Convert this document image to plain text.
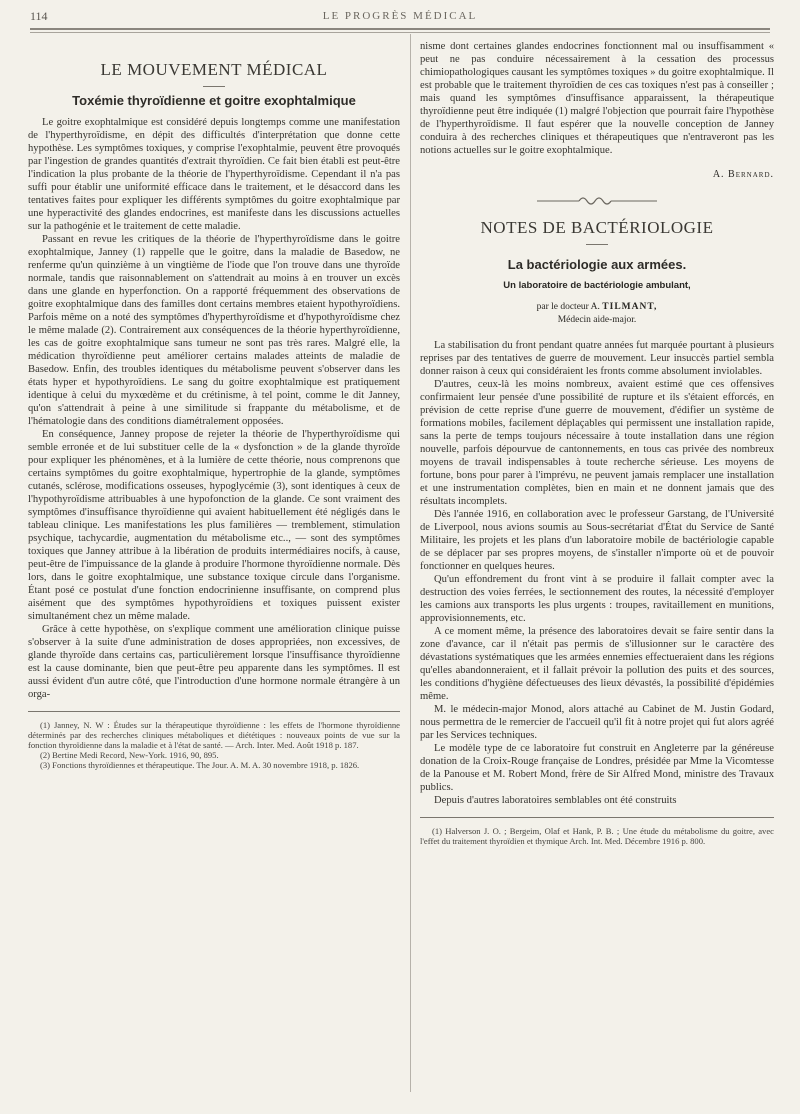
114	LE PROGRÈS MÉDICAL
LE MOUVEMENT MÉDICAL
Toxémie thyroïdienne et goitre exophtalmique

Le goitre exophtalmique est considéré depuis longtemps comme une manifestation de l'hyperthyroïdisme, en dépit des difficultés d'interprétation que donne cette hypothèse. Les symptômes toxiques, y comprise l'exophtalmie, peuvent être provoqués par l'ingestion de grandes quantités d'extrait thyroïdien. Ce fait bien établi est peut-être l'indication la plus probante de la théorie de l'hyperthyroïdisme. Cependant il n'a pas suffi pour établir une uniformité efficace dans le traitement, et le désaccord dans les tentatives faites pour expliquer les différents symptômes du goitre exophtalmique par une hyperactivité des glandes endocrines, est manifeste dans les discussions actuelles sur la pathogénie et le traitement de cette maladie.

Passant en revue les critiques de la théorie de l'hyperthyroïdisme dans le goitre exophtalmique, Janney (1) rappelle que le goitre, dans la maladie de Basedow, ne renferme qu'un quinzième à un vingtième de l'iode que l'on trouve dans une thyroïde normale, tandis que raisonnablement on s'attendrait au moins à en trouver un excès dans une glande en hyperfonction. On a rapporté fréquemment des observations de goitre exophtalmique dans des familles dont certains membres etaient hypothyroïdiens. Parfois même on a noté des symptômes d'hyperthyroïdisme et d'hypothyroïdisme chez le même malade (2). Contrairement aux conséquences de la théorie hyperthyroïdienne, les cas de goitre exophtalmique sans tumeur ne sont pas très rares. Malgré elle, la médication thyroïdienne peut améliorer certains malades atteints de maladie de Basedow. Enfin, des troubles identiques du métabolisme peuvent s'observer dans les états hyper et hypothyroïdiens. Le sang du goitre exophtalmique est pratiquement identique à celui du myxœdème et du crétinisme, à tel point, comme le dit Janney, qu'on s'attendrait à peine à une similitude si frappante du métabolisme, et de l'hématologie dans des conditions diamétralement opposées.

En conséquence, Janney propose de rejeter la théorie de l'hyperthyroïdisme qui semble erronée et de lui substituer celle de la « dysfonction » de la glande thyroïde pour expliquer les phénomènes, et à la lumière de cette théorie, nous comprenons que certains symptômes du goitre exophtalmique, hypertrophie de la glande, symptômes cutanés, sclérose, modifications osseuses, hypoglycémie (3), sont identiques à ceux de l'hypothyroïdisme attribuables à une hypofonction de la glande. Ce sont vraiment des symptômes d'insuffisance thyroïdienne qui avaient habituellement été négligés dans le tableau clinique. Les manifestations les plus familières — tremblement, stimulation psychique, tachycardie, augmentation du métabolisme etc.., — sont des symptômes toxiques que Janney attribue à la libération de produits intermédiaires nocifs, à cause, peut-être de l'impuissance de la glande à produire l'hormone thyroïdienne normale. Dès lors, dans le goitre exophtalmique, une substance toxique circule dans l'organisme. Étant posé ce postulat d'une fonction endocrinienne insuffisante, on comprend plus aisément que des symptômes hypothyroïdiens et toxiques puissent exister simultanément chez un même malade.

Grâce à cette hypothèse, on s'explique comment une amélioration clinique puisse s'observer à la suite d'une administration de doses appropriées, non excessives, de glande thyroïde dans certains cas, particulièrement lorsque l'insuffisance thyroïdienne est la cause dominante, bien que peut-être peu apparente dans les symptômes. Il est aussi évident d'un autre côté, que l'introduction d'une hormone normale étrangère à un orga-

(1) Janney, N. W : Études sur la thérapeutique thyroïdienne : les effets de l'hormone thyroïdienne déterminés par des recherches cliniques métaboliques et diététiques : nouveaux points de vue sur la fonction thyroïdienne dans la maladie et à l'état de santé. — Arch. Inter. Med. Août 1918 p. 187.

(2) Bertine Medi Record, New-York. 1916, 90, 895.

(3) Fonctions thyroïdiennes et thérapeutique. The Jour. A. M. A. 30 novembre 1918, p. 1826.

nisme dont certaines glandes endocrines fonctionnent mal ou insuffisamment « peut ne pas conduire nécessairement à la cessation des processus chimiopathologiques causant les symptômes toxiques » du goitre exophtalmique. Il est probable que le traitement thyroïdien de ces cas toxiques n'est pas à conseiller ; mais quand les symptômes d'insuffisance apparaissent, la thérapeutique thyroïdienne peut être indiquée (1) malgré l'objection que pourrait faire l'hypothèse de l'hyperthyroïdisme. Il faut espérer que la nouvelle conception de Janney conduira à des recherches cliniques et thérapeutiques que n'entraveront pas les notions actuelles sur le goitre exophtalmique.

A. Bernard.
NOTES DE BACTÉRIOLOGIE
La bactériologie aux armées.
Un laboratoire de bactériologie ambulant,
par le docteur A. TILMANT,
Médecin aide-major.

La stabilisation du front pendant quatre années fut marquée pourtant à plusieurs reprises par des tentatives de guerre de mouvement. Leur insuccès partiel sembla donner raison à ceux qui considéraient les fronts comme absolument inviolables.

D'autres, ceux-là les moins nombreux, avaient estimé que ces offensives confirmaient leur pensée d'une possibilité de rupture et ils s'étaient efforcés, en prévision de cette reprise d'une guerre de mouvement, d'édifier un système de formations mobiles, facilement déplaçables qui permissent une installation rapide, sans la perte de temps toujours nécessaire à toute installation dans une région nouvelle, parfois dépourvue de cantonnements, en tous cas privée des nombreux moyens de travail indispensables à toute recherche sérieuse. Les moyens de fortune, bons pour parer à l'imprévu, ne peuvent jamais remplacer une installation et une instrumentation complètes, bien en main et ne donnent jamais que des résultats incomplets.

Dès l'année 1916, en collaboration avec le professeur Garstang, de l'Université de Liverpool, nous avions soumis au Sous-secrétariat d'État du Service de Santé Militaire, les projets et les plans d'un laboratoire mobile de bactériologie capable de se déplacer par ses propres moyens, de s'installer n'importe où et de pouvoir fonctionner en quelques heures.

Qu'un effondrement du front vint à se produire il fallait compter avec la destruction des voies ferrées, le sectionnement des routes, la nécessité d'employer les camions aux transports les plus urgents : troupes, ravitaillement en munitions, approvisionnements, etc.

A ce moment même, la présence des laboratoires devait se faire sentir dans la zone d'avance, car il n'était pas permis de s'illusionner sur le caractère des dévastations systématiques que les armées ennemies effectueraient dans les régions qu'elles abandonneraient, et il fallait prévoir la pollution des puits et des sources, les conditions d'hygiène défectueuses des lieux dévastés, la possibilité d'épidémies même.

M. le médecin-major Monod, alors attaché au Cabinet de M. Justin Godard, nous permettra de le remercier de l'accueil qu'il fit à notre projet qui fut alors agréé par les Services techniques.

Le modèle type de ce laboratoire fut construit en Angleterre par la généreuse donation de la Croix-Rouge française de Londres, présidée par Mme la Vicomtesse de la Panouse et M. Robert Mond, frère de Sir Alfred Mond, ministre des Travaux publics.

Depuis d'autres laboratoires semblables ont été construits

(1) Halverson J. O. ; Bergeim, Olaf et Hank, P. B. ; Une étude du métabolisme du goitre, avec l'effet du traitement thyroïdien et thymique Arch. Int. Med. Décembre 1916 p. 800.
